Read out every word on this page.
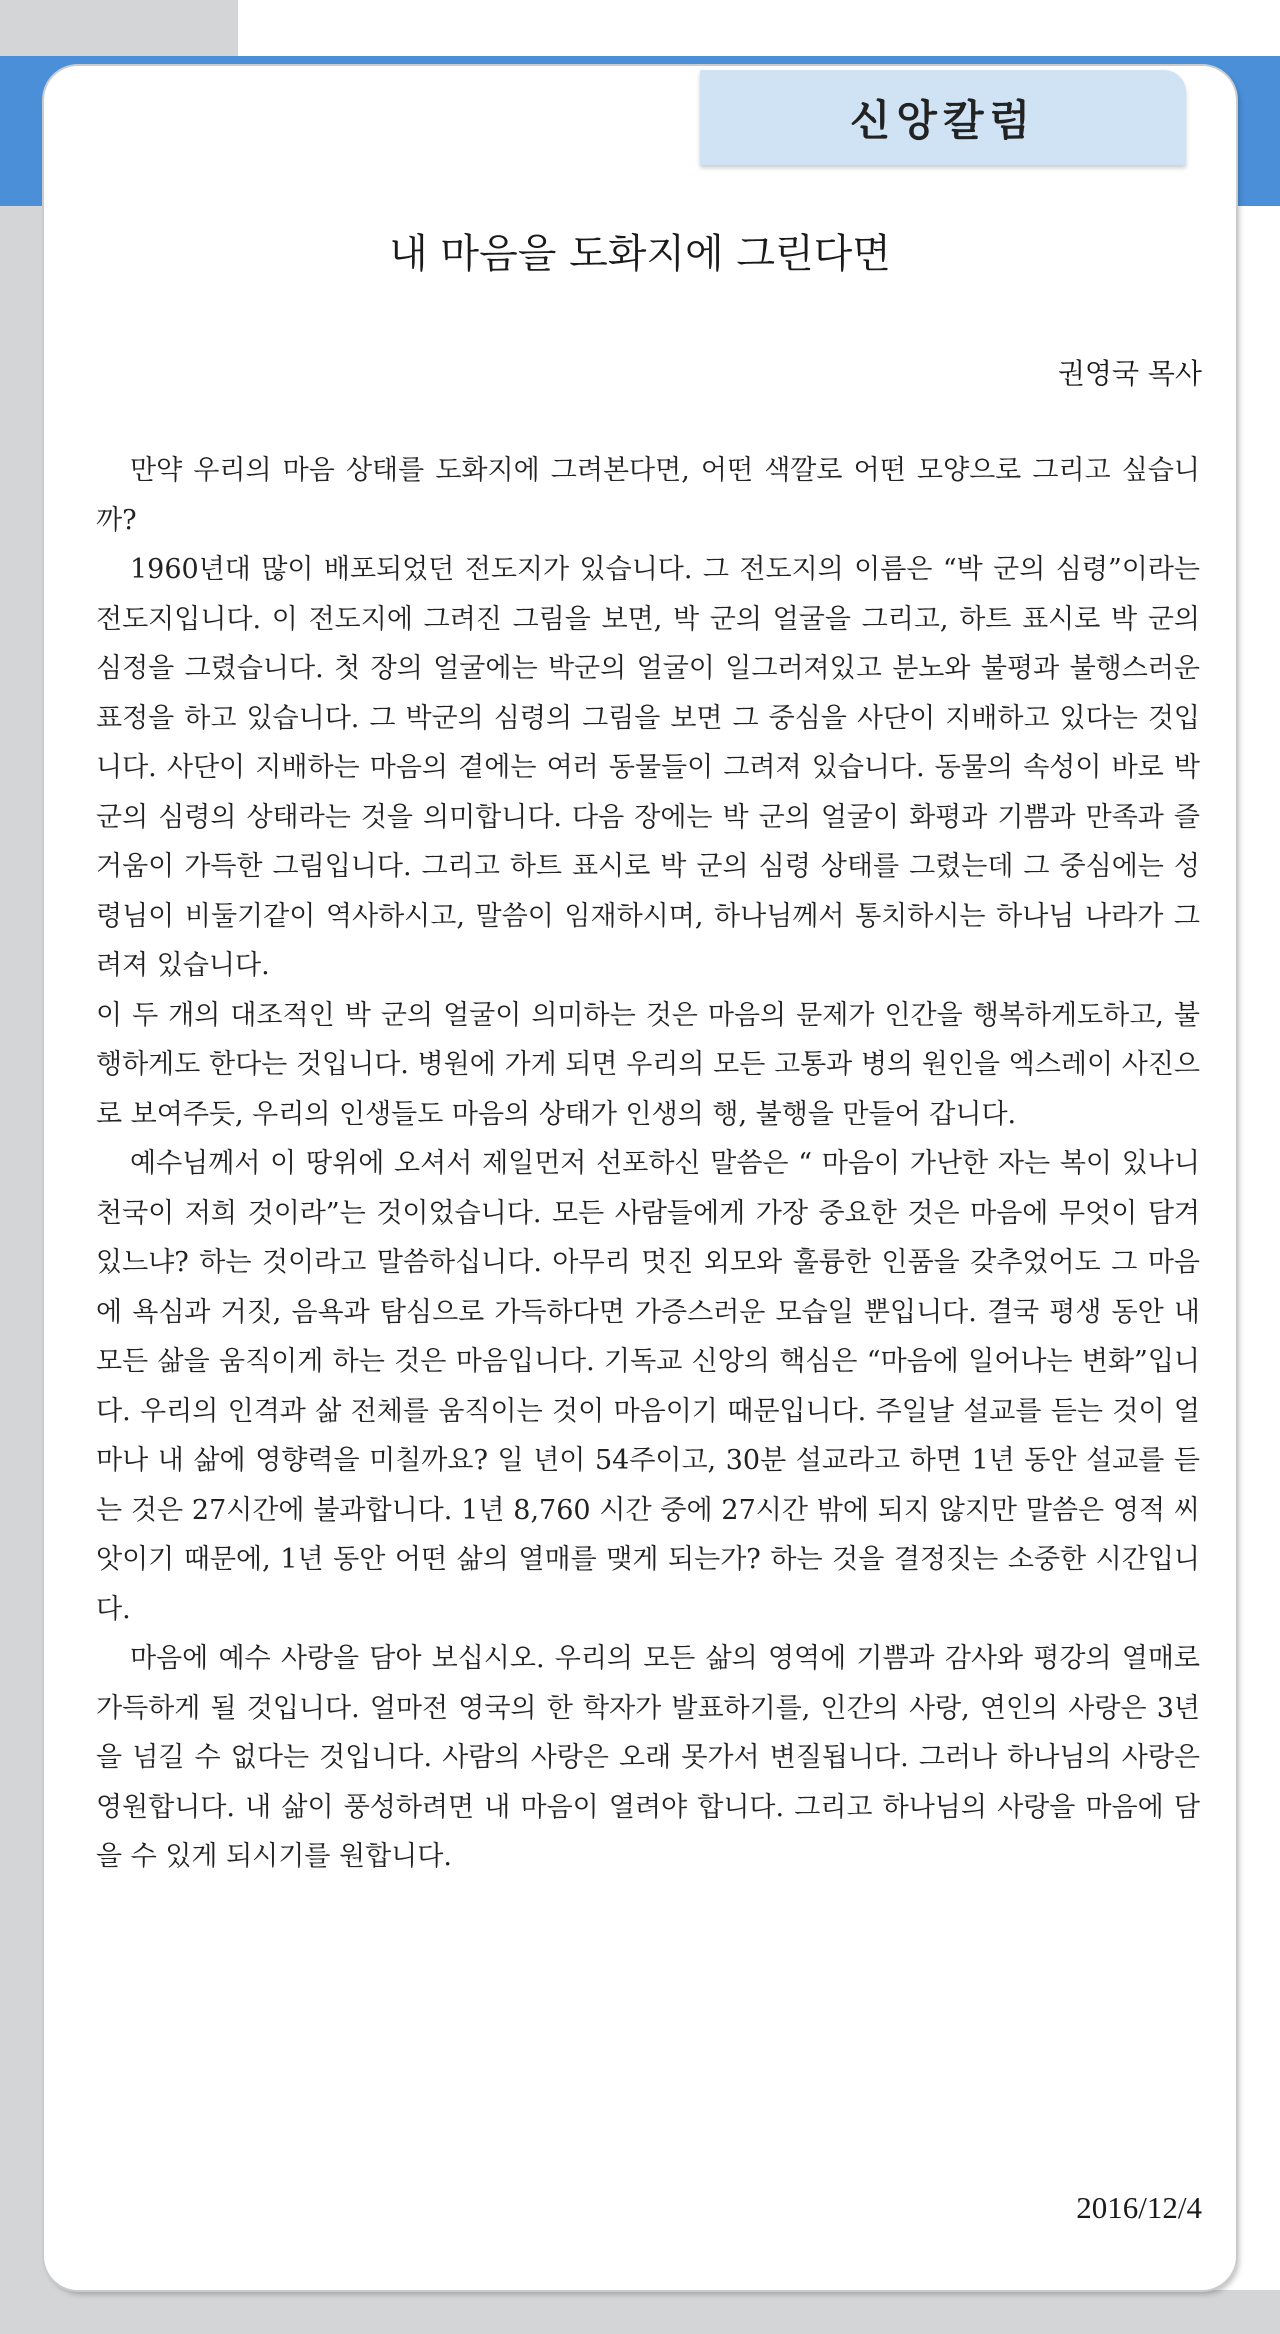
신앙칼럼
내 마음을 도화지에 그린다면
권영국 목사

만약 우리의 마음 상태를 도화지에 그려본다면, 어떤 색깔로 어떤 모양으로 그리고 싶습니까?

1960년대 많이 배포되었던 전도지가 있습니다. 그 전도지의 이름은 “박 군의 심령”이라는 전도지입니다. 이 전도지에 그려진 그림을 보면, 박 군의 얼굴을 그리고, 하트 표시로 박 군의 심정을 그렸습니다. 첫 장의 얼굴에는 박군의 얼굴이 일그러져있고 분노와 불평과 불행스러운 표정을 하고 있습니다. 그 박군의 심령의 그림을 보면 그 중심을 사단이 지배하고 있다는 것입니다. 사단이 지배하는 마음의 곁에는 여러 동물들이 그려져 있습니다. 동물의 속성이 바로 박 군의 심령의 상태라는 것을 의미합니다. 다음 장에는 박 군의 얼굴이 화평과 기쁨과 만족과 즐거움이 가득한 그림입니다. 그리고 하트 표시로 박 군의 심령 상태를 그렸는데 그 중심에는 성령님이 비둘기같이 역사하시고, 말씀이 임재하시며, 하나님께서 통치하시는 하나님 나라가 그려져 있습니다.

이 두 개의 대조적인 박 군의 얼굴이 의미하는 것은 마음의 문제가 인간을 행복하게도하고, 불행하게도 한다는 것입니다. 병원에 가게 되면 우리의 모든 고통과 병의 원인을 엑스레이 사진으로 보여주듯, 우리의 인생들도 마음의 상태가 인생의 행, 불행을 만들어 갑니다.

예수님께서 이 땅위에 오셔서 제일먼저 선포하신 말씀은 “ 마음이 가난한 자는 복이 있나니 천국이 저희 것이라”는 것이었습니다. 모든 사람들에게 가장 중요한 것은 마음에 무엇이 담겨 있느냐? 하는 것이라고 말씀하십니다. 아무리 멋진 외모와 훌륭한 인품을 갖추었어도 그 마음에 욕심과 거짓, 음욕과 탐심으로 가득하다면 가증스러운 모습일 뿐입니다. 결국 평생 동안 내 모든 삶을 움직이게 하는 것은 마음입니다. 기독교 신앙의 핵심은 “마음에 일어나는 변화”입니다. 우리의 인격과 삶 전체를 움직이는 것이 마음이기 때문입니다. 주일날 설교를 듣는 것이 얼마나 내 삶에 영향력을 미칠까요? 일 년이 54주이고, 30분 설교라고 하면 1년 동안 설교를 듣는 것은 27시간에 불과합니다. 1년 8,760 시간 중에 27시간 밖에 되지 않지만 말씀은 영적 씨앗이기 때문에, 1년 동안 어떤 삶의 열매를 맺게 되는가? 하는 것을 결정짓는 소중한 시간입니다.

마음에 예수 사랑을 담아 보십시오. 우리의 모든 삶의 영역에 기쁨과 감사와 평강의 열매로 가득하게 될 것입니다. 얼마전 영국의 한 학자가 발표하기를, 인간의 사랑, 연인의 사랑은 3년을 넘길 수 없다는 것입니다. 사람의 사랑은 오래 못가서 변질됩니다. 그러나 하나님의 사랑은 영원합니다. 내 삶이 풍성하려면 내 마음이 열려야 합니다. 그리고 하나님의 사랑을 마음에 담을 수 있게 되시기를 원합니다.

2016/12/4
